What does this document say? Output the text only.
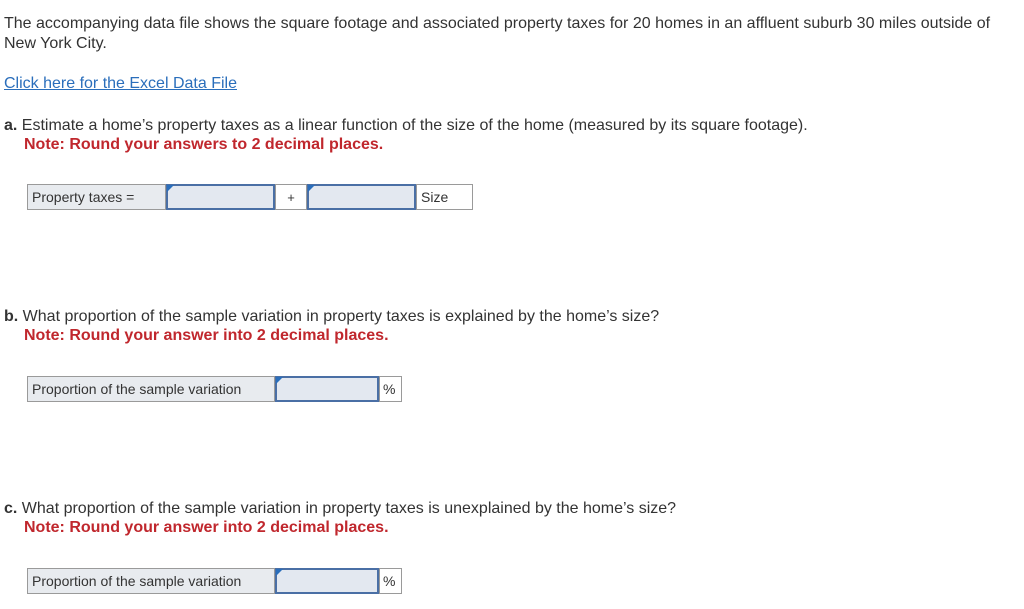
The accompanying data file shows the square footage and associated property taxes for 20 homes in an affluent suburb 30 miles outside of New York City.
Click here for the Excel Data File
a. Estimate a home’s property taxes as a linear function of the size of the home (measured by its square footage).
Note: Round your answers to 2 decimal places.
Property taxes =	+	Size
b. What proportion of the sample variation in property taxes is explained by the home’s size?
Note: Round your answer into 2 decimal places.
Proportion of the sample variation	%
c. What proportion of the sample variation in property taxes is unexplained by the home’s size?
Note: Round your answer into 2 decimal places.
Proportion of the sample variation	%
